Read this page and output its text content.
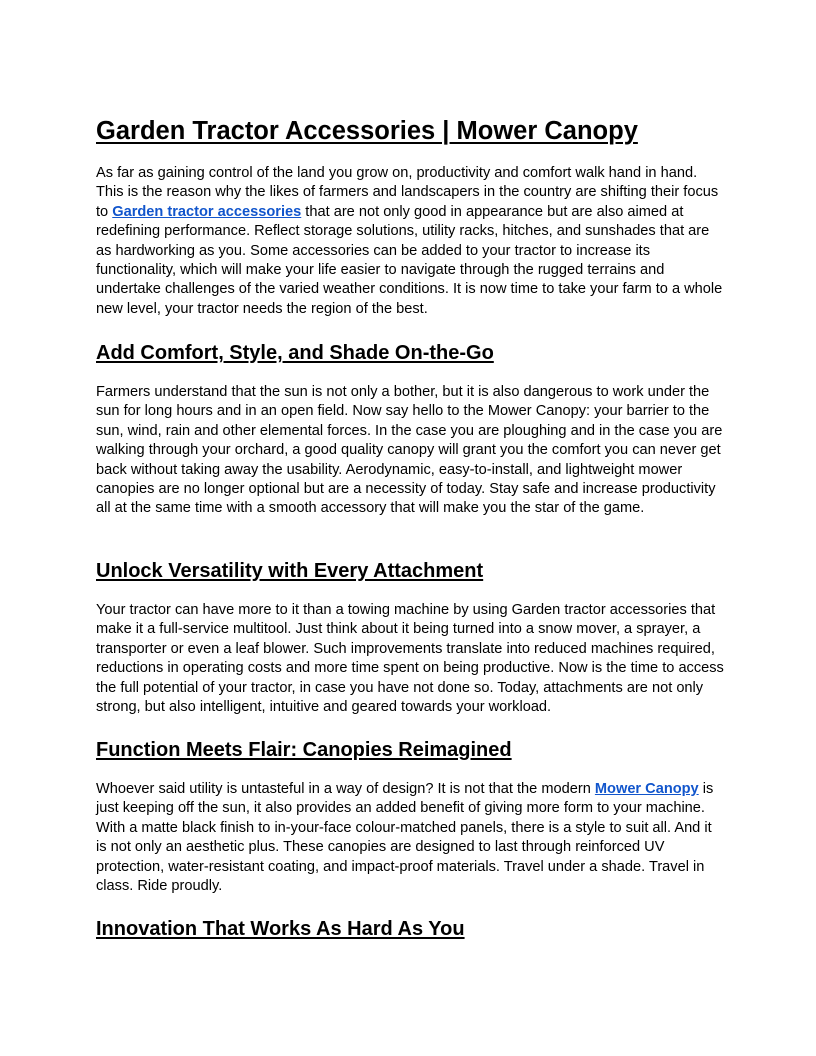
Garden Tractor Accessories | Mower Canopy

As far as gaining control of the land you grow on, productivity and comfort walk hand in hand. This is the reason why the likes of farmers and landscapers in the country are shifting their focus to Garden tractor accessories that are not only good in appearance but are also aimed at redefining performance. Reflect storage solutions, utility racks, hitches, and sunshades that are as hardworking as you. Some accessories can be added to your tractor to increase its functionality, which will make your life easier to navigate through the rugged terrains and undertake challenges of the varied weather conditions. It is now time to take your farm to a whole new level, your tractor needs the region of the best.

Add Comfort, Style, and Shade On-the-Go

Farmers understand that the sun is not only a bother, but it is also dangerous to work under the sun for long hours and in an open field. Now say hello to the Mower Canopy: your barrier to the sun, wind, rain and other elemental forces. In the case you are ploughing and in the case you are walking through your orchard, a good quality canopy will grant you the comfort you can never get back without taking away the usability. Aerodynamic, easy-to-install, and lightweight mower canopies are no longer optional but are a necessity of today. Stay safe and increase productivity all at the same time with a smooth accessory that will make you the star of the game.

Unlock Versatility with Every Attachment

Your tractor can have more to it than a towing machine by using Garden tractor accessories that make it a full-service multitool. Just think about it being turned into a snow mover, a sprayer, a transporter or even a leaf blower. Such improvements translate into reduced machines required, reductions in operating costs and more time spent on being productive. Now is the time to access the full potential of your tractor, in case you have not done so. Today, attachments are not only strong, but also intelligent, intuitive and geared towards your workload.

Function Meets Flair: Canopies Reimagined

Whoever said utility is untasteful in a way of design? It is not that the modern Mower Canopy is just keeping off the sun, it also provides an added benefit of giving more form to your machine. With a matte black finish to in-your-face colour-matched panels, there is a style to suit all. And it is not only an aesthetic plus. These canopies are designed to last through reinforced UV protection, water-resistant coating, and impact-proof materials. Travel under a shade. Travel in class. Ride proudly.

Innovation That Works As Hard As You
